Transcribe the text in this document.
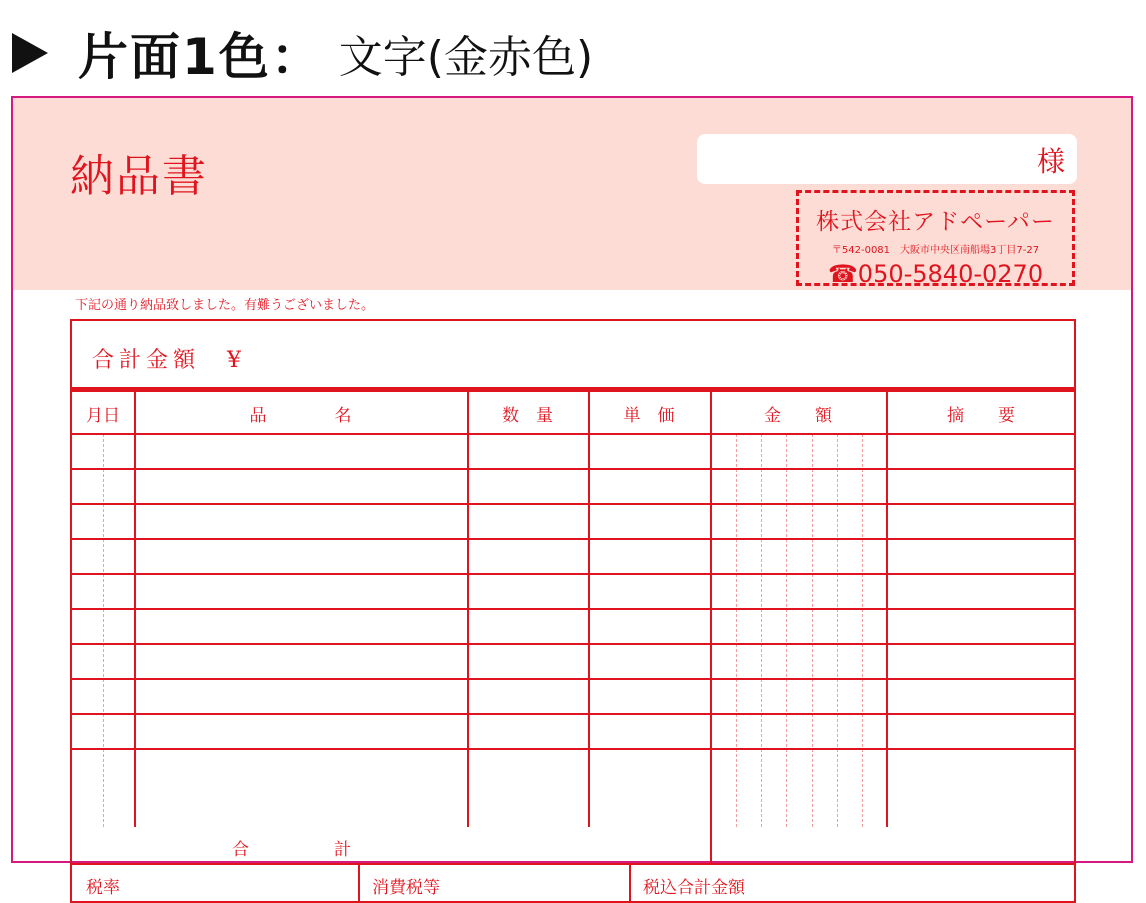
片面1色： 文字(金赤色)
納品書	様
株式会社アドペーパー
〒542-0081　大阪市中央区南船場3丁目7-27
☎050-5840-0270
下記の通り納品致しました。有難うございました。
合計金額　¥
月日	品　　　　名	数　量	単　価	金　　額	摘　　要
合　　　　　計
税率	消費税等	税込合計金額
